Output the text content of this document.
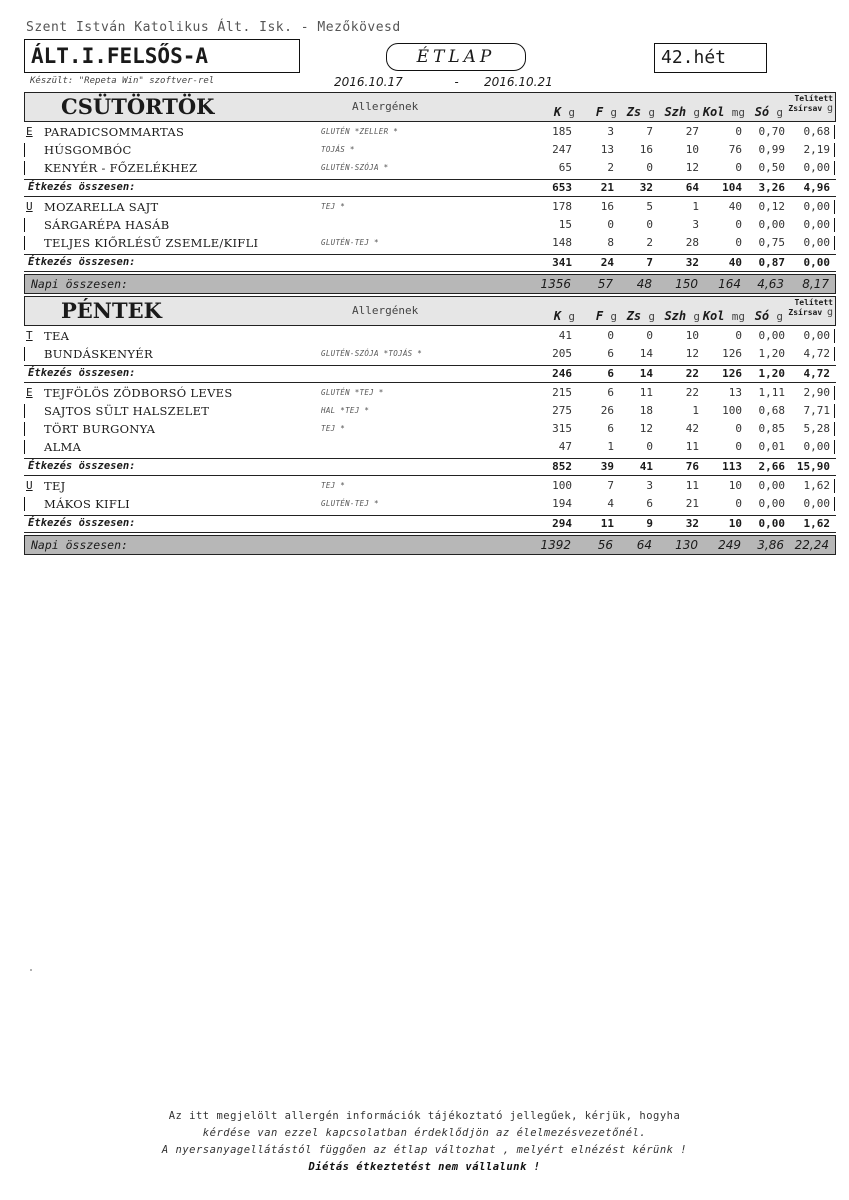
Szent István Katolikus Ált. Isk. - Mezőkövesd
ÁLT.I.FELSŐS-A	ÉTLAP	42.hét
Készült: "Repeta Win" szoftver-rel	2016.10.17	- 2016.10.21
CSÜTÖRTÖK	Allergének	K g F g Zs g Szh g Kol mg Só g
Telített
Zsírsav g
E PARADICSOMMARTAS	GLUTÉN *ZELLER *	185	3	7	27	0 0,70 0,68
HÚSGOMBÓC	TOJÁS *	247	13 16	10	76 0,99 2,19
KENYÉR - FŐZELÉKHEZ	GLUTÉN-SZÓJA *	65	2	0	12	0 0,50 0,00
Étkezés összesen:	653	21 32	64 104 3,26 4,96
U MOZARELLA SAJT	TEJ *	178	16	5	1	40 0,12 0,00
SÁRGARÉPA HASÁB	15	0	0	3	0 0,00 0,00
TELJES KIŐRLÉSŰ ZSEMLE/KIFLI	GLUTÉN-TEJ *	148	8	2	28	0 0,75 0,00
Étkezés összesen:	341	24	7	32	40 0,87 0,00
Napi összesen:	1356 57 48 150 164 4,63 8,17
PÉNTEK	Allergének	K g F g Zs g Szh g Kol mg Só g
Telített
Zsírsav g
T TEA	41	0	0	10	0 0,00 0,00
BUNDÁSKENYÉR	GLUTÉN-SZÓJA *TOJÁS *	205	6 14	12 126 1,20 4,72
Étkezés összesen:	246	6 14	22 126 1,20 4,72
E TEJFÖLÖS ZÖDBORSÓ LEVES	GLUTÉN *TEJ *	215	6 11	22	13 1,11 2,90
SAJTOS SÜLT HALSZELET	HAL *TEJ *	275	26 18	1 100 0,68 7,71
TÖRT BURGONYA	TEJ *	315	6 12	42	0 0,85 5,28
ALMA	47	1	0	11	0 0,01 0,00
Étkezés összesen:	852	39 41	76 113 2,66 15,90
U TEJ	TEJ *	100	7	3	11	10 0,00 1,62
MÁKOS KIFLI	GLUTÉN-TEJ *	194	4	6	21	0 0,00 0,00
Étkezés összesen:	294	11	9	32	10 0,00 1,62
Napi összesen:	1392 56 64 130 249 3,86 22,24
Az itt megjelölt allergén információk tájékoztató jellegűek, kérjük, hogyha
kérdése van ezzel kapcsolatban érdeklődjön az élelmezésvezetőnél.
A nyersanyagellátástól függően az étlap változhat , melyért elnézést kérünk !
Diétás étkeztetést nem vállalunk !
